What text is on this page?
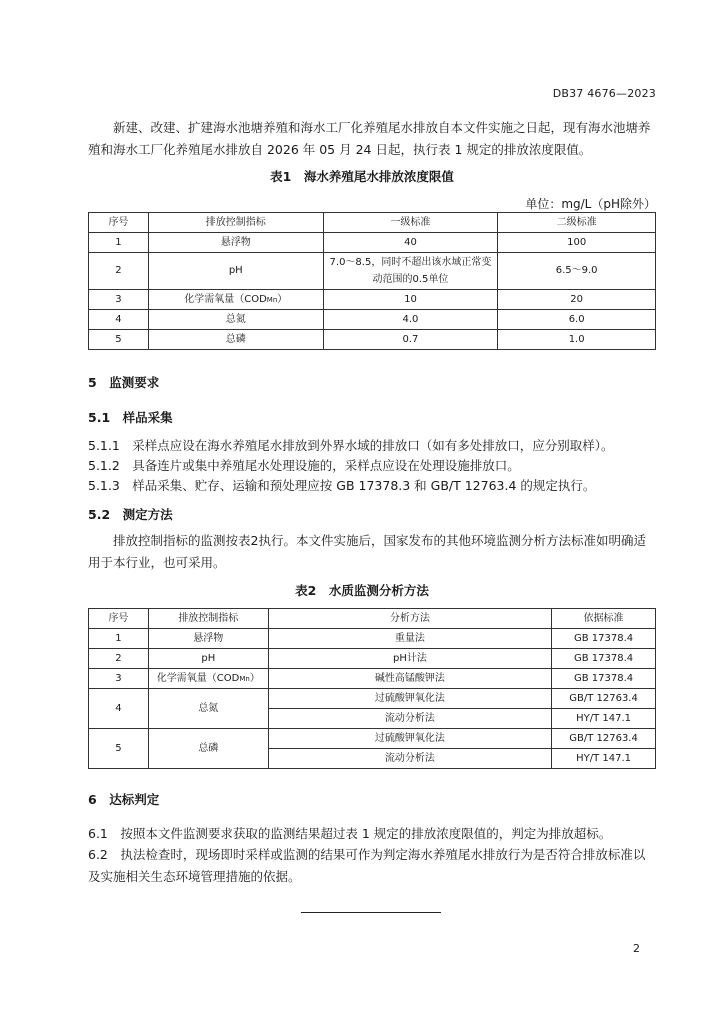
DB37 4676—2023

新建、改建、扩建海水池塘养殖和海水工厂化养殖尾水排放自本文件实施之日起，现有海水池塘养殖和海水工厂化养殖尾水排放自 2026 年 05 月 24 日起，执行表 1 规定的排放浓度限值。

表1　海水养殖尾水排放浓度限值
单位：mg/L（pH除外）
序号	排放控制指标	一级标准	二级标准
1	悬浮物	40	100
2	pH	7.0～8.5，同时不超出该水域正常变动范围的0.5单位	6.5～9.0
3	化学需氧量（CODMn）	10	20
4	总氮	4.0	6.0
5	总磷	0.7	1.0
5　监测要求
5.1　样品采集

5.1.1　采样点应设在海水养殖尾水排放到外界水域的排放口（如有多处排放口，应分别取样）。

5.1.2　具备连片或集中养殖尾水处理设施的，采样点应设在处理设施排放口。

5.1.3　样品采集、贮存、运输和预处理应按 GB 17378.3 和 GB/T 12763.4 的规定执行。

5.2　测定方法

排放控制指标的监测按表2执行。本文件实施后，国家发布的其他环境监测分析方法标准如明确适用于本行业，也可采用。

表2　水质监测分析方法
序号	排放控制指标	分析方法	依据标准
1	悬浮物	重量法	GB 17378.4
2	pH	pH计法	GB 17378.4
3	化学需氧量（CODMn）	碱性高锰酸钾法	GB 17378.4
4	总氮	过硫酸钾氧化法	GB/T 12763.4
		流动分析法	HY/T 147.1
5	总磷	过硫酸钾氧化法	GB/T 12763.4
		流动分析法	HY/T 147.1
6　达标判定

6.1　按照本文件监测要求获取的监测结果超过表 1 规定的排放浓度限值的，判定为排放超标。

6.2　执法检查时，现场即时采样或监测的结果可作为判定海水养殖尾水排放行为是否符合排放标准以及实施相关生态环境管理措施的依据。

2
